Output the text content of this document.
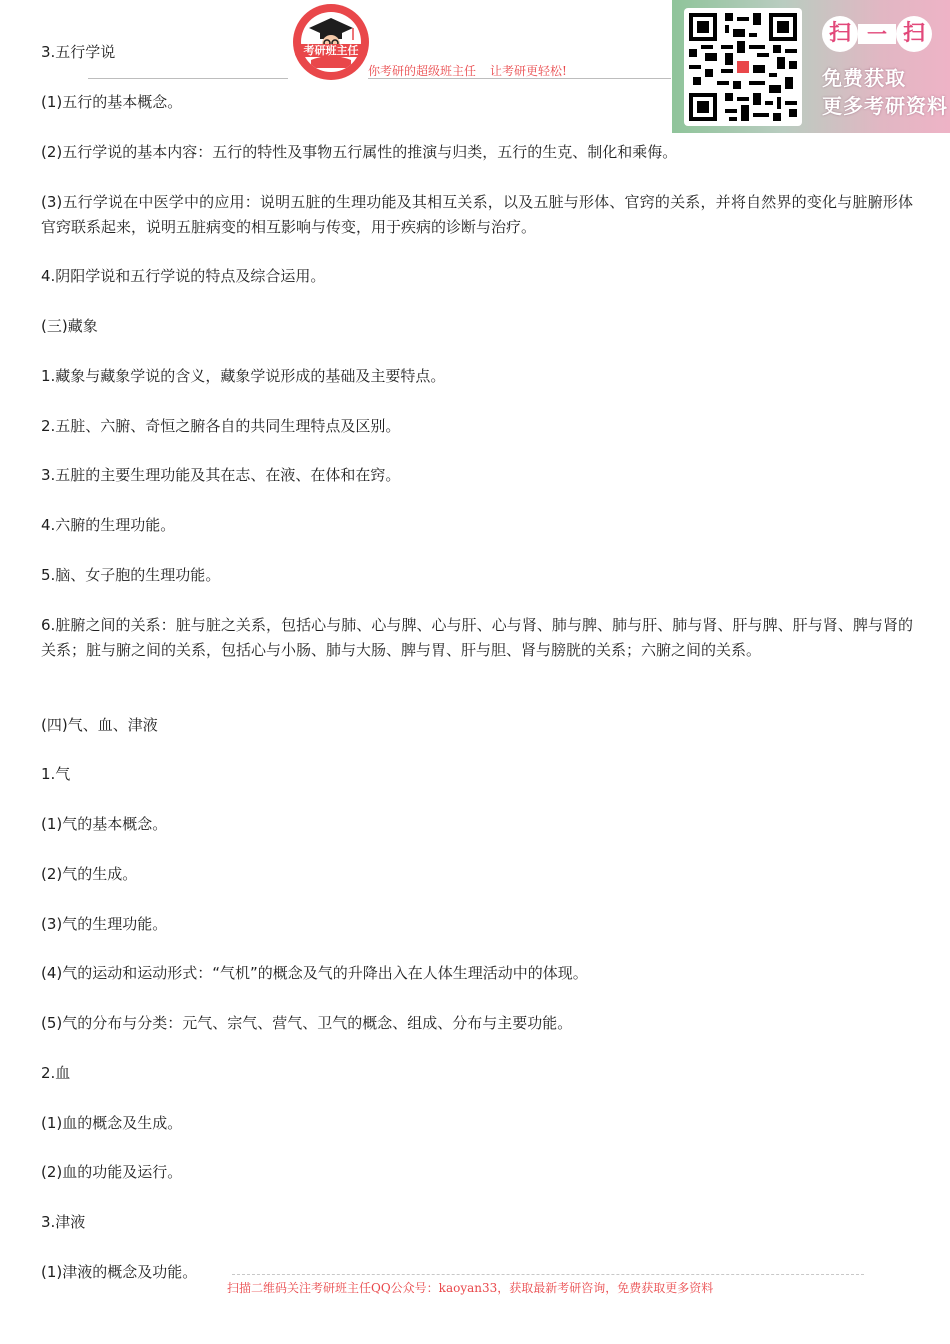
考研班主任
你考研的超级班主任 让考研更轻松!
扫 一 扫
免费获取
更多考研资料
3.五行学说
(1)五行的基本概念。
(2)五行学说的基本内容：五行的特性及事物五行属性的推演与归类，五行的生克、制化和乘侮。
(3)五行学说在中医学中的应用：说明五脏的生理功能及其相互关系，以及五脏与形体、官窍的关系，并将自然界的变化与脏腑形体官窍联系起来，说明五脏病变的相互影响与传变，用于疾病的诊断与治疗。
4.阴阳学说和五行学说的特点及综合运用。
(三)藏象
1.藏象与藏象学说的含义，藏象学说形成的基础及主要特点。
2.五脏、六腑、奇恒之腑各自的共同生理特点及区别。
3.五脏的主要生理功能及其在志、在液、在体和在窍。
4.六腑的生理功能。
5.脑、女子胞的生理功能。
6.脏腑之间的关系：脏与脏之关系，包括心与肺、心与脾、心与肝、心与肾、肺与脾、肺与肝、肺与肾、肝与脾、肝与肾、脾与肾的关系；脏与腑之间的关系，包括心与小肠、肺与大肠、脾与胃、肝与胆、肾与膀胱的关系；六腑之间的关系。
(四)气、血、津液
1.气
(1)气的基本概念。
(2)气的生成。
(3)气的生理功能。
(4)气的运动和运动形式：“气机”的概念及气的升降出入在人体生理活动中的体现。
(5)气的分布与分类：元气、宗气、营气、卫气的概念、组成、分布与主要功能。
2.血
(1)血的概念及生成。
(2)血的功能及运行。
3.津液
(1)津液的概念及功能。
扫描二维码关注考研班主任QQ公众号：kaoyan33，获取最新考研咨询，免费获取更多资料
